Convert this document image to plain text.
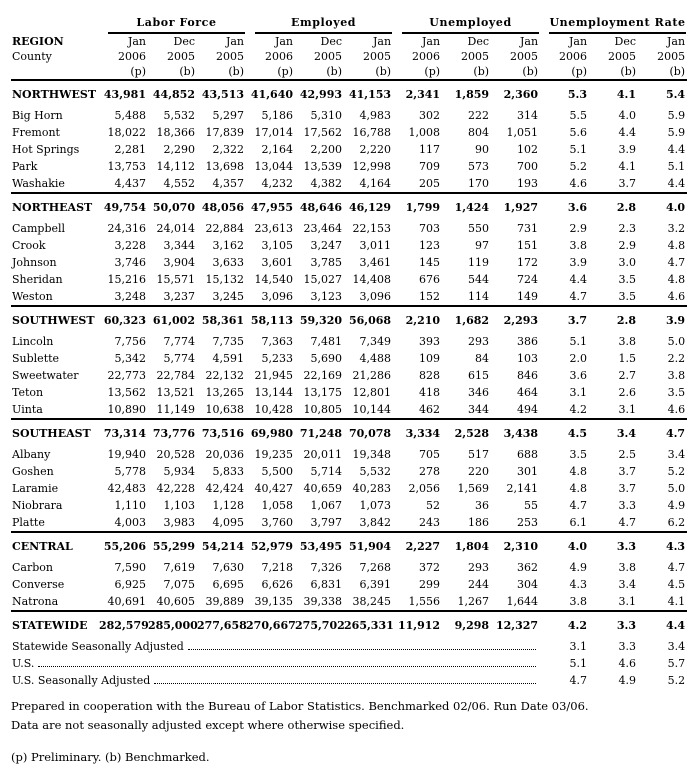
	Labor Force			Employed			Unemployed			Unemployment Rate		

REGION	Jan	Dec	Jan	Jan	Dec	Jan	Jan	Dec	Jan	Jan	Dec	Jan
County	2006	2005	2005	2006	2005	2005	2006	2005	2005	2006	2005	2005
	(p)	(b)	(b)	(p)	(b)	(b)	(p)	(b)	(b)	(p)	(b)	(b)
NORTHWEST	43,981	44,852	43,513	41,640	42,993	41,153	2,341	1,859	2,360	5.3	4.1	5.4
Big Horn	5,488	5,532	5,297	5,186	5,310	4,983	302	222	314	5.5	4.0	5.9
Fremont	18,022	18,366	17,839	17,014	17,562	16,788	1,008	804	1,051	5.6	4.4	5.9
Hot Springs	2,281	2,290	2,322	2,164	2,200	2,220	117	90	102	5.1	3.9	4.4
Park	13,753	14,112	13,698	13,044	13,539	12,998	709	573	700	5.2	4.1	5.1
Washakie	4,437	4,552	4,357	4,232	4,382	4,164	205	170	193	4.6	3.7	4.4
NORTHEAST	49,754	50,070	48,056	47,955	48,646	46,129	1,799	1,424	1,927	3.6	2.8	4.0
Campbell	24,316	24,014	22,884	23,613	23,464	22,153	703	550	731	2.9	2.3	3.2
Crook	3,228	3,344	3,162	3,105	3,247	3,011	123	97	151	3.8	2.9	4.8
Johnson	3,746	3,904	3,633	3,601	3,785	3,461	145	119	172	3.9	3.0	4.7
Sheridan	15,216	15,571	15,132	14,540	15,027	14,408	676	544	724	4.4	3.5	4.8
Weston	3,248	3,237	3,245	3,096	3,123	3,096	152	114	149	4.7	3.5	4.6
SOUTHWEST	60,323	61,002	58,361	58,113	59,320	56,068	2,210	1,682	2,293	3.7	2.8	3.9
Lincoln	7,756	7,774	7,735	7,363	7,481	7,349	393	293	386	5.1	3.8	5.0
Sublette	5,342	5,774	4,591	5,233	5,690	4,488	109	84	103	2.0	1.5	2.2
Sweetwater	22,773	22,784	22,132	21,945	22,169	21,286	828	615	846	3.6	2.7	3.8
Teton	13,562	13,521	13,265	13,144	13,175	12,801	418	346	464	3.1	2.6	3.5
Uinta	10,890	11,149	10,638	10,428	10,805	10,144	462	344	494	4.2	3.1	4.6
SOUTHEAST	73,314	73,776	73,516	69,980	71,248	70,078	3,334	2,528	3,438	4.5	3.4	4.7
Albany	19,940	20,528	20,036	19,235	20,011	19,348	705	517	688	3.5	2.5	3.4
Goshen	5,778	5,934	5,833	5,500	5,714	5,532	278	220	301	4.8	3.7	5.2
Laramie	42,483	42,228	42,424	40,427	40,659	40,283	2,056	1,569	2,141	4.8	3.7	5.0
Niobrara	1,110	1,103	1,128	1,058	1,067	1,073	52	36	55	4.7	3.3	4.9
Platte	4,003	3,983	4,095	3,760	3,797	3,842	243	186	253	6.1	4.7	6.2
CENTRAL	55,206	55,299	54,214	52,979	53,495	51,904	2,227	1,804	2,310	4.0	3.3	4.3
Carbon	7,590	7,619	7,630	7,218	7,326	7,268	372	293	362	4.9	3.8	4.7
Converse	6,925	7,075	6,695	6,626	6,831	6,391	299	244	304	4.3	3.4	4.5
Natrona	40,691	40,605	39,889	39,135	39,338	38,245	1,556	1,267	1,644	3.8	3.1	4.1
STATEWIDE	282,579	285,000	277,658	270,667	275,702	265,331	11,912	9,298	12,327	4.2	3.3	4.4

Statewide Seasonally Adjusted										3.1	3.3	3.4

U.S.										5.1	4.6	5.7

U.S. Seasonally Adjusted										4.7	4.9	5.2

Prepared in cooperation with the Bureau of Labor Statistics. Benchmarked 02/06. Run Date 03/06.

Data are not seasonally adjusted except where otherwise specified.

(p) Preliminary. (b) Benchmarked.
